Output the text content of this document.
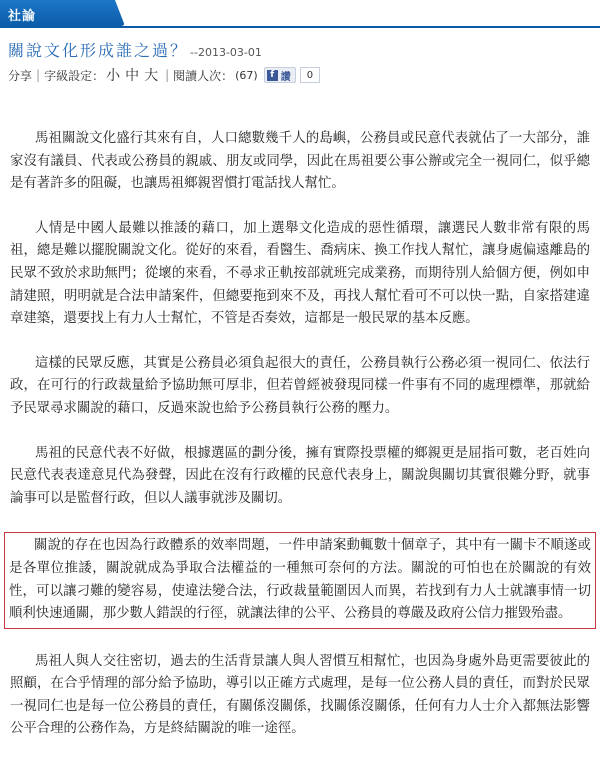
社論
關說文化形成誰之過？ --2013-03-01
分享 | 字級設定： 小 中 大 | 閱讀人次： (67)	f 讚	0

馬祖關說文化盛行其來有自，人口總數幾千人的島嶼，公務員或民意代表就佔了一大部分，誰家沒有議員、代表或公務員的親戚、朋友或同學，因此在馬祖要公事公辦或完全一視同仁，似乎總是有著許多的阻礙，也讓馬祖鄉親習慣打電話找人幫忙。

人情是中國人最難以推諉的藉口，加上選舉文化造成的惡性循環，讓選民人數非常有限的馬祖，總是難以擺脫關說文化。從好的來看，看醫生、喬病床、換工作找人幫忙，讓身處偏遠離島的民眾不致於求助無門；從壞的來看，不尋求正軌按部就班完成業務，而期待別人給個方便，例如申請建照，明明就是合法申請案件，但總要拖到來不及，再找人幫忙看可不可以快一點，自家搭建違章建築，還要找上有力人士幫忙，不管是否奏效，這都是一般民眾的基本反應。

這樣的民眾反應，其實是公務員必須負起很大的責任，公務員執行公務必須一視同仁、依法行政，在可行的行政裁量給予協助無可厚非，但若曾經被發現同樣一件事有不同的處理標準，那就給予民眾尋求關說的藉口，反過來說也給予公務員執行公務的壓力。

馬祖的民意代表不好做，根據選區的劃分後，擁有實際投票權的鄉親更是屈指可數，老百姓向民意代表表達意見代為發聲，因此在沒有行政權的民意代表身上，關說與關切其實很難分野，就事論事可以是監督行政，但以人議事就涉及關切。

關說的存在也因為行政體系的效率問題，一件申請案動輒數十個章子，其中有一關卡不順遂或是各單位推諉，關說就成為爭取合法權益的一種無可奈何的方法。關說的可怕也在於關說的有效性，可以讓刁難的變容易，使違法變合法，行政裁量範圍因人而異，若找到有力人士就讓事情一切順利快速通關，那少數人錯誤的行徑，就讓法律的公平、公務員的尊嚴及政府公信力摧毀殆盡。

馬祖人與人交往密切，過去的生活背景讓人與人習慣互相幫忙，也因為身處外島更需要彼此的照顧，在合乎情理的部分給予協助，導引以正確方式處理，是每一位公務人員的責任，而對於民眾一視同仁也是每一位公務員的責任，有關係沒關係，找關係沒關係，任何有力人士介入都無法影響公平合理的公務作為，方是終結關說的唯一途徑。
